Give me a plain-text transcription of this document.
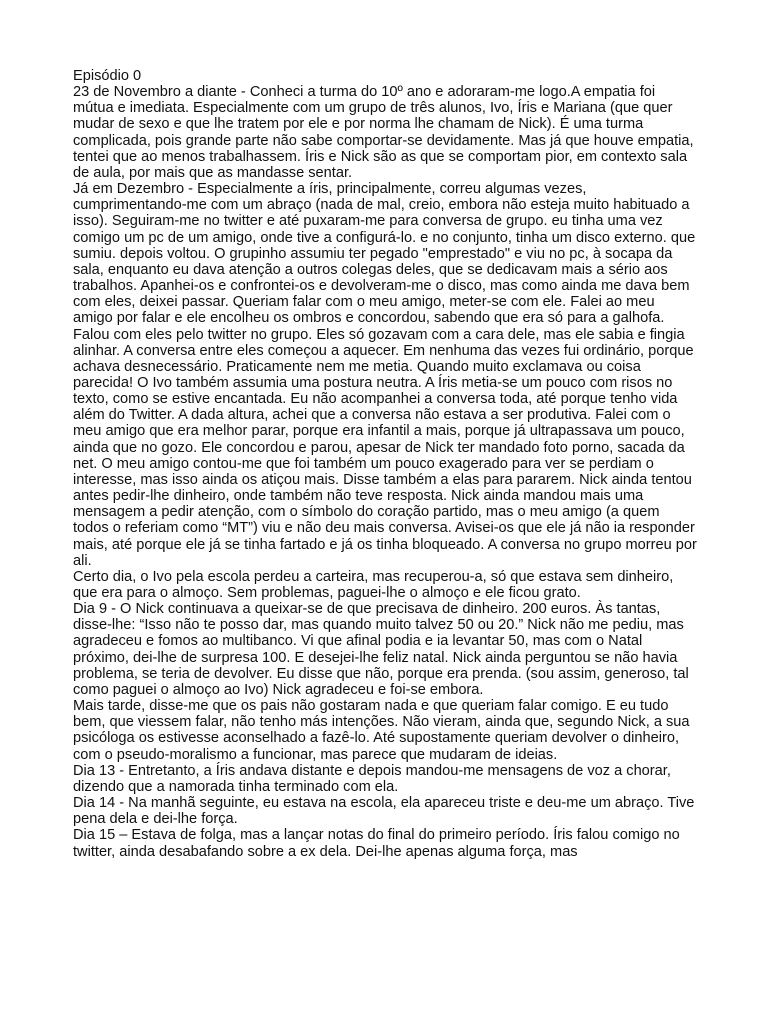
Episódio 0

23 de Novembro a diante - Conheci a turma do 10º ano e adoraram-me logo.A empatia foi mútua e imediata. Especialmente com um grupo de três alunos, Ivo, Íris e Mariana (que quer mudar de sexo e que lhe tratem por ele e por norma lhe chamam de Nick). É uma turma complicada, pois grande parte não sabe comportar-se devidamente. Mas já que houve empatia, tentei que ao menos trabalhassem. Íris e Nick são as que se comportam pior, em contexto sala de aula, por mais que as mandasse sentar.

Já em Dezembro - Especialmente a íris, principalmente, correu algumas vezes, cumprimentando-me com um abraço (nada de mal, creio, embora não esteja muito habituado a isso). Seguiram-me no twitter e até puxaram-me para conversa de grupo. eu tinha uma vez comigo um pc de um amigo, onde tive a configurá-lo. e no conjunto, tinha um disco externo. que sumiu. depois voltou. O grupinho assumiu ter pegado "emprestado" e viu no pc, à socapa da sala, enquanto eu dava atenção a outros colegas deles, que se dedicavam mais a sério aos trabalhos. Apanhei-os e confrontei-os e devolveram-me o disco, mas como ainda me dava bem com eles, deixei passar. Queriam falar com o meu amigo, meter-se com ele. Falei ao meu amigo por falar e ele encolheu os ombros e concordou, sabendo que era só para a galhofa. Falou com eles pelo twitter no grupo. Eles só gozavam com a cara dele, mas ele sabia e fingia alinhar. A conversa entre eles começou a aquecer. Em nenhuma das vezes fui ordinário, porque achava desnecessário. Praticamente nem me metia. Quando muito exclamava ou coisa parecida! O Ivo também assumia uma postura neutra. A Íris metia-se um pouco com risos no texto, como se estive encantada. Eu não acompanhei a conversa toda, até porque tenho vida além do Twitter. A dada altura, achei que a conversa não estava a ser produtiva. Falei com o meu amigo que era melhor parar, porque era infantil a mais, porque já ultrapassava um pouco, ainda que no gozo. Ele concordou e parou, apesar de Nick ter mandado foto porno, sacada da net. O meu amigo contou-me que foi também um pouco exagerado para ver se perdiam o interesse, mas isso ainda os atiçou mais. Disse também a elas para pararem. Nick ainda tentou antes pedir-lhe dinheiro, onde também não teve resposta. Nick ainda mandou mais uma mensagem a pedir atenção, com o símbolo do coração partido, mas o meu amigo (a quem todos o referiam como “MT”) viu e não deu mais conversa. Avisei-os que ele já não ia responder mais, até porque ele já se tinha fartado e já os tinha bloqueado. A conversa no grupo morreu por ali.

Certo dia, o Ivo pela escola perdeu a carteira, mas recuperou-a, só que estava sem dinheiro, que era para o almoço. Sem problemas, paguei-lhe o almoço e ele ficou grato.

Dia 9 - O Nick continuava a queixar-se de que precisava de dinheiro. 200 euros. Às tantas, disse-lhe: “Isso não te posso dar, mas quando muito talvez 50 ou 20.” Nick não me pediu, mas agradeceu e fomos ao multibanco. Vi que afinal podia e ia levantar 50, mas com o Natal próximo, dei-lhe de surpresa 100. E desejei-lhe feliz natal. Nick ainda perguntou se não havia problema, se teria de devolver. Eu disse que não, porque era prenda. (sou assim, generoso, tal como paguei o almoço ao Ivo) Nick agradeceu e foi-se embora.

Mais tarde, disse-me que os pais não gostaram nada e que queriam falar comigo. E eu tudo bem, que viessem falar, não tenho más intenções. Não vieram, ainda que, segundo Nick, a sua psicóloga os estivesse aconselhado a fazê-lo. Até supostamente queriam devolver o dinheiro, com o pseudo-moralismo a funcionar, mas parece que mudaram de ideias.

Dia 13 - Entretanto, a Íris andava distante e depois mandou-me mensagens de voz a chorar, dizendo que a namorada tinha terminado com ela.

Dia 14 - Na manhã seguinte, eu estava na escola, ela apareceu triste e deu-me um abraço. Tive pena dela e dei-lhe força.

Dia 15 – Estava de folga, mas a lançar notas do final do primeiro período. Íris falou comigo no twitter, ainda desabafando sobre a ex dela. Dei-lhe apenas alguma força, mas
